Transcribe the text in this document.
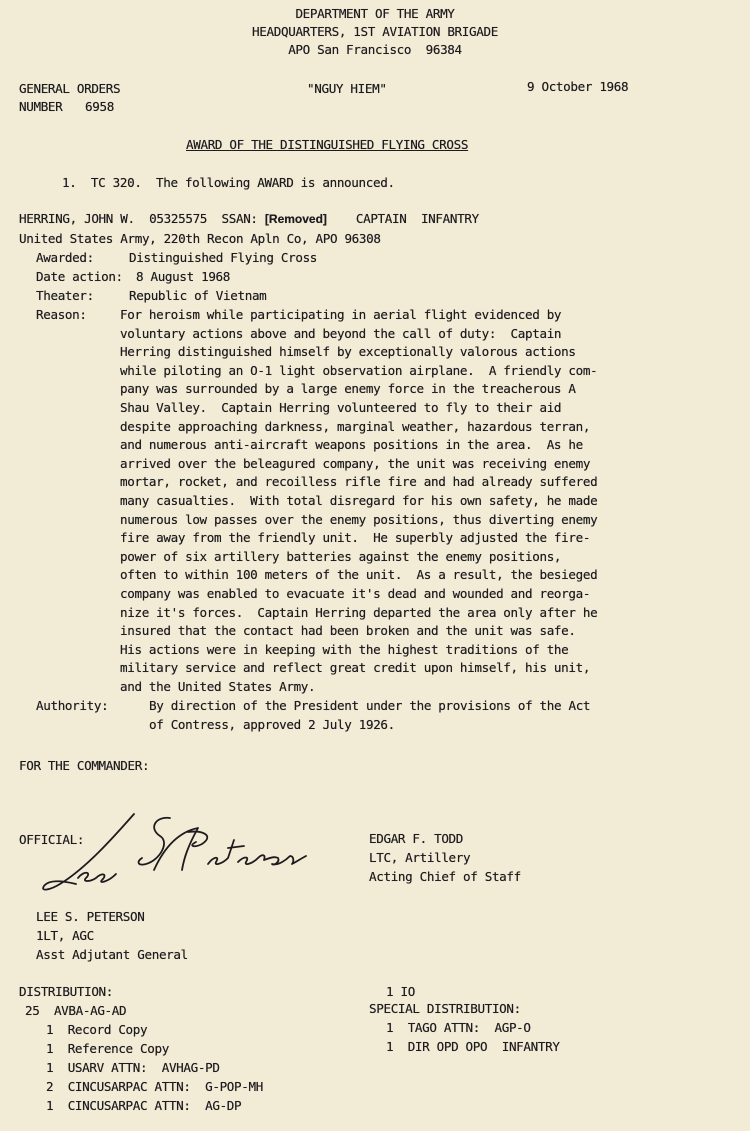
DEPARTMENT OF THE ARMY
HEADQUARTERS, 1ST AVIATION BRIGADE
APO San Francisco  96384
GENERAL ORDERS
NUMBER 6958
"NGUY HIEM"	9 October 1968
AWARD OF THE DISTINGUISHED FLYING CROSS
1.  TC 320.  The following AWARD is announced.
HERRING, JOHN W.  05325575  SSAN: [Removed] CAPTAIN  INFANTRY
United States Army, 220th Recon Apln Co, APO 96308
Awarded:	Distinguished Flying Cross
Date action: 8 August 1968
Theater:	Republic of Vietnam
Reason:	For heroism while participating in aerial flight evidenced by

voluntary actions above and beyond the call of duty:  Captain

Herring distinguished himself by exceptionally valorous actions

while piloting an O-1 light observation airplane.  A friendly com-

pany was surrounded by a large enemy force in the treacherous A

Shau Valley.  Captain Herring volunteered to fly to their aid

despite approaching darkness, marginal weather, hazardous terran,

and numerous anti-aircraft weapons positions in the area.  As he

arrived over the beleagured company, the unit was receiving enemy

mortar, rocket, and recoilless rifle fire and had already suffered

many casualties.  With total disregard for his own safety, he made

numerous low passes over the enemy positions, thus diverting enemy

fire away from the friendly unit.  He superbly adjusted the fire-

power of six artillery batteries against the enemy positions,

often to within 100 meters of the unit.  As a result, the besieged

company was enabled to evacuate it's dead and wounded and reorga-

nize it's forces.  Captain Herring departed the area only after he

insured that the contact had been broken and the unit was safe.

His actions were in keeping with the highest traditions of the

military service and reflect great credit upon himself, his unit,

and the United States Army.

Authority:	By direction of the President under the provisions of the Act
of Contress, approved 2 July 1926.
FOR THE COMMANDER:
OFFICIAL:
LEE S. PETERSON
1LT, AGC
Asst Adjutant General
EDGAR F. TODD
LTC, Artillery
Acting Chief of Staff
DISTRIBUTION:
25 AVBA-AG-AD
1 Record Copy
1 Reference Copy
1 USARV ATTN:  AVHAG-PD
2 CINCUSARPAC ATTN:  G-POP-MH
1 CINCUSARPAC ATTN:  AG-DP
1 IO
SPECIAL DISTRIBUTION:
1 TAGO ATTN:  AGP-O
1 DIR OPD OPO  INFANTRY
